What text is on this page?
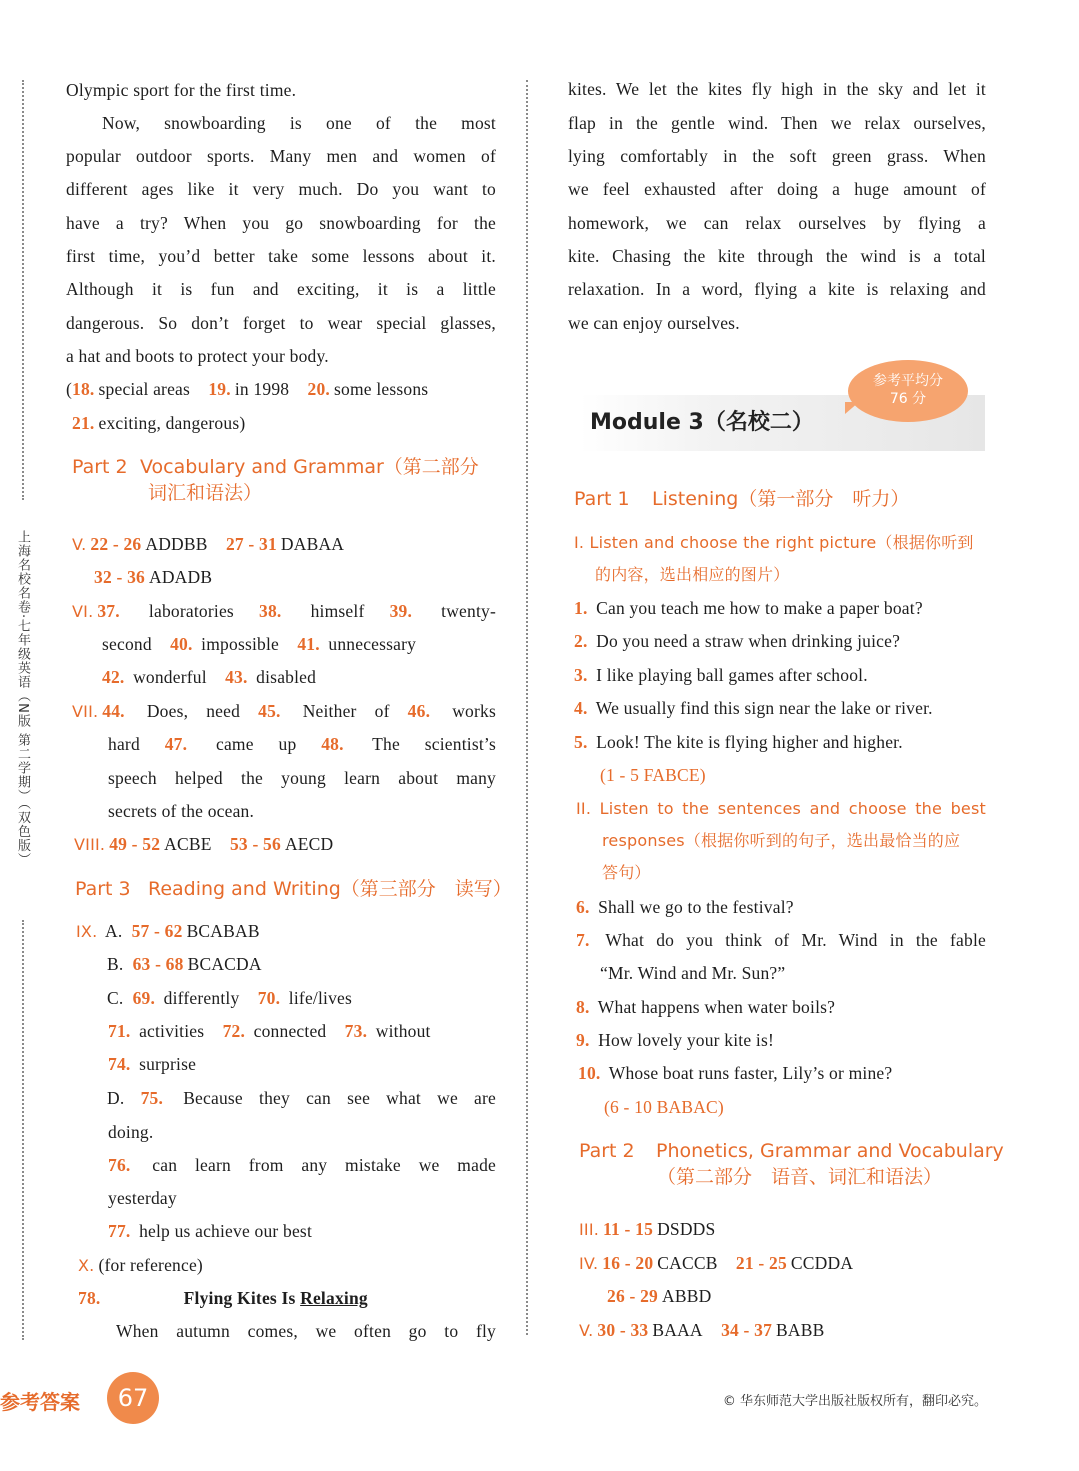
上海名校名卷·七年级英语（N版 第二学期）（双色版）
Olympic sport for the first time.
Now, snowboarding is one of the most
popular outdoor sports. Many men and women of
different ages like it very much. Do you want to
have a try? When you go snowboarding for the
first time, you’d better take some lessons about it.
Although it is fun and exciting, it is a little
dangerous. So don’t forget to wear special glasses,
a hat and boots to protect your body.
(18. special areas 19. in 1998 20. some lessons
21. exciting, dangerous)
Part 2 Vocabulary and Grammar（第二部分
词汇和语法）
V. 22 - 26 ADDBB 27 - 31 DABAA
32 - 36 ADADB
VI. 37. laboratories 38. himself 39. twenty-
second 40. impossible 41. unnecessary
42. wonderful 43. disabled
VII. 44. Does, need 45. Neither of 46. works
hard 47. came up 48. The scientist’s
speech helped the young learn about many
secrets of the ocean.
VIII. 49 - 52 ACBE 53 - 56 AECD
Part 3 Reading and Writing（第三部分　读写）
IX. A. 57 - 62 BCABAB
B. 63 - 68 BCACDA
C. 69. differently 70. life/lives
71. activities 72. connected 73. without
74. surprise
D. 75. Because they can see what we are
doing.
76. can learn from any mistake we made
yesterday
77. help us achieve our best
X. (for reference)
78.	Flying Kites Is Relaxing
When autumn comes, we often go to fly
kites. We let the kites fly high in the sky and let it
flap in the gentle wind. Then we relax ourselves,
lying comfortably in the soft green grass. When
we feel exhausted after doing a huge amount of
homework, we can relax ourselves by flying a
kite. Chasing the kite through the wind is a total
relaxation. In a word, flying a kite is relaxing and
we can enjoy ourselves.
Module 3（名校二）
参考平均分
76 分
Part 1 Listening（第一部分　听力）
I. Listen and choose the right picture（根据你听到
的内容，选出相应的图片）
1. Can you teach me how to make a paper boat?
2. Do you need a straw when drinking juice?
3. I like playing ball games after school.
4. We usually find this sign near the lake or river.
5. Look! The kite is flying higher and higher.
(1 - 5 FABCE)
II. Listen to the sentences and choose the best
responses（根据你听到的句子，选出最恰当的应
答句）
6. Shall we go to the festival?
7. What do you think of Mr. Wind in the fable
“Mr. Wind and Mr. Sun?”
8. What happens when water boils?
9. How lovely your kite is!
10. Whose boat runs faster, Lily’s or mine?
(6 - 10 BABAC)
Part 2 Phonetics, Grammar and Vocabulary
（第二部分　语音、词汇和语法）
III. 11 - 15 DSDDS
IV. 16 - 20 CACCB 21 - 25 CCDDA
26 - 29 ABBD
V. 30 - 33 BAAA 34 - 37 BABB
参考答案	67	© 华东师范大学出版社版权所有，翻印必究。
